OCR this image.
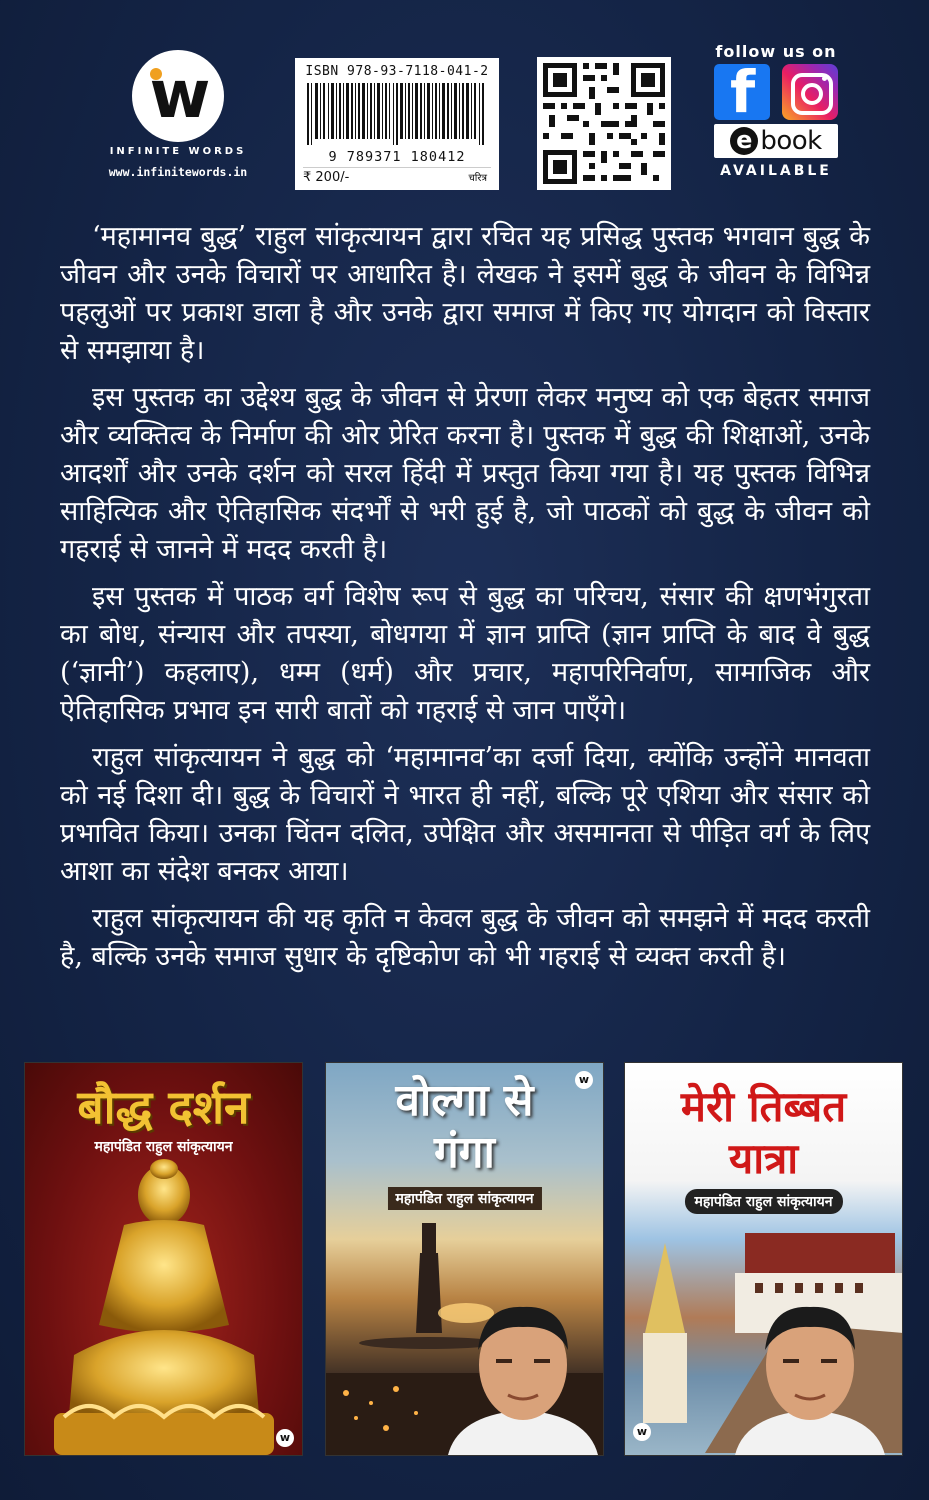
w
INFINITE WORDS
www.infinitewords.in
ISBN 978-93-7118-041-2
9 789371 180412
₹ 200/-	चरित्र
follow us on
f
e book
AVAILABLE

‘महामानव बुद्ध’ राहुल सांकृत्यायन द्वारा रचित यह प्रसिद्ध पुस्तक भगवान बुद्ध के जीवन और उनके विचारों पर आधारित है। लेखक ने इसमें बुद्ध के जीवन के विभिन्न पहलुओं पर प्रकाश डाला है और उनके द्वारा समाज में किए गए योगदान को विस्तार से समझाया है।

इस पुस्तक का उद्देश्य बुद्ध के जीवन से प्रेरणा लेकर मनुष्य को एक बेहतर समाज और व्यक्तित्व के निर्माण की ओर प्रेरित करना है। पुस्तक में बुद्ध की शिक्षाओं, उनके आदर्शों और उनके दर्शन को सरल हिंदी में प्रस्तुत किया गया है। यह पुस्तक विभिन्न साहित्यिक और ऐतिहासिक संदर्भों से भरी हुई है, जो पाठकों को बुद्ध के जीवन को गहराई से जानने में मदद करती है।

इस पुस्तक में पाठक वर्ग विशेष रूप से बुद्ध का परिचय, संसार की क्षणभंगुरता का बोध, संन्यास और तपस्या, बोधगया में ज्ञान प्राप्ति (ज्ञान प्राप्ति के बाद वे बुद्ध (‘ज्ञानी’) कहलाए), धम्म (धर्म) और प्रचार, महापरिनिर्वाण, सामाजिक और ऐतिहासिक प्रभाव इन सारी बातों को गहराई से जान पाएँगे।

राहुल सांकृत्यायन ने बुद्ध को ‘महामानव’का दर्जा दिया, क्योंकि उन्होंने मानवता को नई दिशा दी। बुद्ध के विचारों ने भारत ही नहीं, बल्कि पूरे एशिया और संसार को प्रभावित किया। उनका चिंतन दलित, उपेक्षित और असमानता से पीड़ित वर्ग के लिए आशा का संदेश बनकर आया।

राहुल सांकृत्यायन की यह कृति न केवल बुद्ध के जीवन को समझने में मदद करती है, बल्कि उनके समाज सुधार के दृष्टिकोण को भी गहराई से व्यक्त करती है।

बौद्ध दर्शन
महापंडित राहुल सांकृत्यायन
w
वोल्गा से
गंगा
महापंडित राहुल सांकृत्यायन
w
मेरी तिब्बत
यात्रा
महापंडित राहुल सांकृत्यायन
w
